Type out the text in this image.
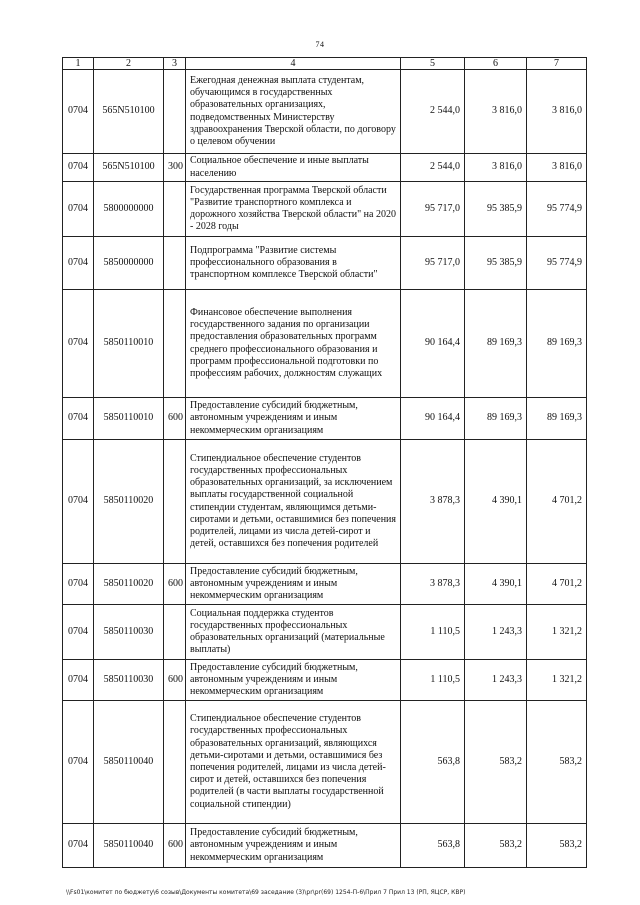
74
1	2	3	4	5	6	7
0704	565N510100		Ежегодная денежная выплата студентам, обучающимся в государственных образовательных организациях, подведомственных Министерству здравоохранения Тверской области, по договору о целевом обучении	2 544,0	3 816,0	3 816,0
0704	565N510100	300	Социальное обеспечение и иные выплаты населению	2 544,0	3 816,0	3 816,0
0704	5800000000		Государственная программа Тверской области "Развитие транспортного комплекса и дорожного хозяйства Тверской области" на 2020 - 2028 годы	95 717,0	95 385,9	95 774,9
0704	5850000000		Подпрограмма "Развитие системы профессионального образования в транспортном комплексе Тверской области"	95 717,0	95 385,9	95 774,9
0704	5850110010		Финансовое обеспечение выполнения государственного задания по организации предоставления образовательных программ среднего профессионального образования и программ профессиональной подготовки по профессиям рабочих, должностям служащих	90 164,4	89 169,3	89 169,3
0704	5850110010	600	Предоставление субсидий бюджетным, автономным учреждениям и иным некоммерческим организациям	90 164,4	89 169,3	89 169,3
0704	5850110020		Стипендиальное обеспечение студентов государственных профессиональных образовательных организаций, за исключением выплаты государственной социальной стипендии студентам, являющимся детьми-сиротами и детьми, оставшимися без попечения родителей, лицами из числа детей-сирот и детей, оставшихся без попечения родителей	3 878,3	4 390,1	4 701,2
0704	5850110020	600	Предоставление субсидий бюджетным, автономным учреждениям и иным некоммерческим организациям	3 878,3	4 390,1	4 701,2
0704	5850110030		Социальная поддержка студентов государственных профессиональных образовательных организаций (материальные выплаты)	1 110,5	1 243,3	1 321,2
0704	5850110030	600	Предоставление субсидий бюджетным, автономным учреждениям и иным некоммерческим организациям	1 110,5	1 243,3	1 321,2
0704	5850110040		Стипендиальное обеспечение студентов государственных профессиональных образовательных организаций, являющихся детьми-сиротами и детьми, оставшимися без попечения родителей, лицами из числа детей-сирот и детей, оставшихся без попечения родителей (в части выплаты государственной социальной стипендии)	563,8	583,2	583,2
0704	5850110040	600	Предоставление субсидий бюджетным, автономным учреждениям и иным некоммерческим организациям	563,8	583,2	583,2
\\Fs01\комитет по бюджету\6 созыв\Документы комитета\69 заседание (3)\pr\pr(69) 1254-П-6\Прил 7 Прил 13 (РП, ЯЦСР, КВР)
